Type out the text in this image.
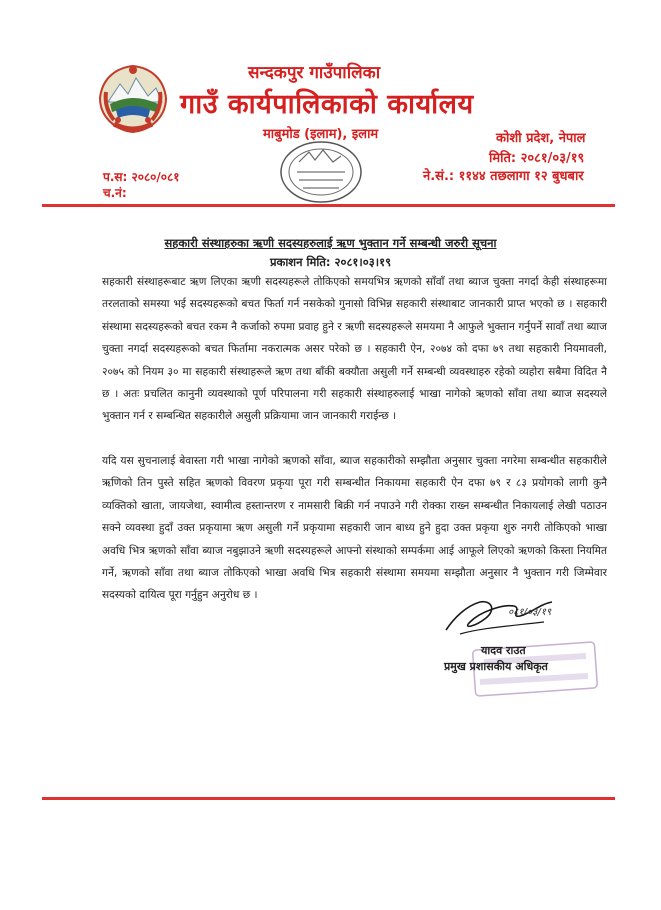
सन्दकपुर गाउँपालिका
गाउँ कार्यपालिकाको कार्यालय
माबुमोड (इलाम), इलाम	कोशी प्रदेश, नेपाल
मिति: २०८१/०३/१९
प.स: २०८०/०८१
च.नं:
ने.सं.: ११४४ तछलागा १२ बुधबार
सहकारी संस्थाहरुका ऋणी सदस्यहरुलाई ऋण भुक्तान गर्ने सम्बन्धी जरुरी सूचना
प्रकाशन मिति: २०८१।०३।१९
सहकारी संस्थाहरूबाट ऋण लिएका ऋणी सदस्यहरूले तोकिएको समयभित्र ऋणको साँवाँ तथा ब्याज चुक्ता नगर्दा केही संस्थाहरूमा तरलताको समस्या भई सदस्यहरूको बचत फिर्ता गर्न नसकेको गुनासो विभिन्न सहकारी संस्थाबाट जानकारी प्राप्त भएको छ । सहकारी संस्थामा सदस्यहरूको बचत रकम नै कर्जाको रुपमा प्रवाह हुने र ऋणी सदस्यहरूले समयमा नै आफुले भुक्तान गर्नुपर्ने सावाँ तथा ब्याज चुक्ता नगर्दा सदस्यहरूको बचत फिर्तामा नकरात्मक असर परेको छ । सहकारी ऐन, २०७४ को दफा ७९ तथा सहकारी नियमावली, २०७५ को नियम ३० मा सहकारी संस्थाहरूले ऋण तथा बाँकी बक्यौता असुली गर्ने सम्बन्धी व्यवस्थाहरु रहेको व्यहोरा सबैमा विदित नै छ । अतः प्रचलित कानुनी व्यवस्थाको पूर्ण परिपालना गरी सहकारी संस्थाहरुलाई भाखा नागेको ऋणको साँवा तथा ब्याज सदस्यले भुक्तान गर्न र सम्बन्धित सहकारीले असुली प्रक्रियामा जान जानकारी गराईन्छ ।
यदि यस सुचनालाई बेवास्ता गरी भाखा नागेको ऋणको साँवा, ब्याज सहकारीको सम्झौता अनुसार चुक्ता नगरेमा सम्बन्धीत सहकारीले ऋणिको तिन पुस्ते सहित ऋणको विवरण प्रकृया पूरा गरी सम्बन्धीत निकायमा सहकारी ऐन दफा ७९ र ८३ प्रयोगको लागी कुनै व्यक्तिको खाता, जायजेथा, स्वामीत्व हस्तान्तरण र नामसारी बिक्री गर्न नपाउने गरी रोक्का राख्न सम्बन्धीत निकायलाई लेखी पठाउन सक्ने व्यवस्था हुदाँ उक्त प्रकृयामा ऋण असुली गर्ने प्रकृयामा सहकारी जान बाध्य हुने हुदा उक्त प्रकृया शुरु नगरी तोकिएको भाखा अवधि भित्र ऋणको साँवा ब्याज नबुझाउने ऋणी सदस्यहरूले आफ्नो संस्थाको सम्पर्कमा आई आफूले लिएको ऋणको किस्ता नियमित गर्ने, ऋणको साँवा तथा ब्याज तोकिएको भाखा अवधि भित्र सहकारी संस्थामा समयमा सम्झौता अनुसार नै भुक्तान गरी जिम्मेवार सदस्यको दायित्व पूरा गर्नुहुन अनुरोध छ ।
०८१/०३/१९
यादव राउत
प्रमुख प्रशासकीय अधिकृत
